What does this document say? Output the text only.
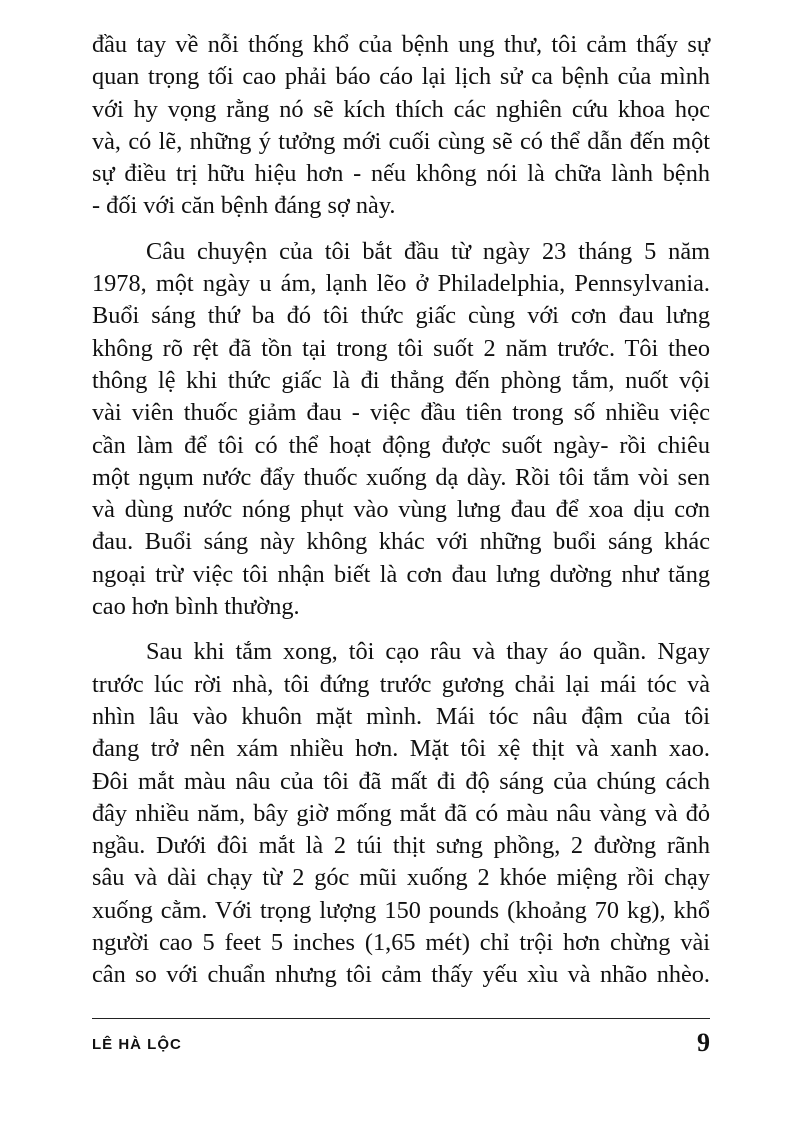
đầu tay về nỗi thống khổ của bệnh ung thư, tôi cảm thấy sự
quan trọng tối cao phải báo cáo lại lịch sử ca bệnh của mình
với hy vọng rằng nó sẽ kích thích các nghiên cứu khoa học
và, có lẽ, những ý tưởng mới cuối cùng sẽ có thể dẫn đến một
sự điều trị hữu hiệu hơn - nếu không nói là chữa lành bệnh
- đối với căn bệnh đáng sợ này.

Câu chuyện của tôi bắt đầu từ ngày 23 tháng 5 năm
1978, một ngày u ám, lạnh lẽo ở Philadelphia, Pennsylvania.
Buổi sáng thứ ba đó tôi thức giấc cùng với cơn đau lưng
không rõ rệt đã tồn tại trong tôi suốt 2 năm trước. Tôi theo
thông lệ khi thức giấc là đi thẳng đến phòng tắm, nuốt vội
vài viên thuốc giảm đau - việc đầu tiên trong số nhiều việc
cần làm để tôi có thể hoạt động được suốt ngày- rồi chiêu
một ngụm nước đẩy thuốc xuống dạ dày. Rồi tôi tắm vòi sen
và dùng nước nóng phụt vào vùng lưng đau để xoa dịu cơn
đau. Buổi sáng này không khác với những buổi sáng khác
ngoại trừ việc tôi nhận biết là cơn đau lưng dường như tăng
cao hơn bình thường.

Sau khi tắm xong, tôi cạo râu và thay áo quần. Ngay
trước lúc rời nhà, tôi đứng trước gương chải lại mái tóc và
nhìn lâu vào khuôn mặt mình. Mái tóc nâu đậm của tôi
đang trở nên xám nhiều hơn. Mặt tôi xệ thịt và xanh xao.
Đôi mắt màu nâu của tôi đã mất đi độ sáng của chúng cách
đây nhiều năm, bây giờ mống mắt đã có màu nâu vàng và đỏ
ngầu. Dưới đôi mắt là 2 túi thịt sưng phồng, 2 đường rãnh
sâu và dài chạy từ 2 góc mũi xuống 2 khóe miệng rồi chạy
xuống cằm. Với trọng lượng 150 pounds (khoảng 70 kg), khổ
người cao 5 feet 5 inches (1,65 mét) chỉ trội hơn chừng vài
cân so với chuẩn nhưng tôi cảm thấy yếu xìu và nhão nhèo.

LÊ HÀ LỘC	9
